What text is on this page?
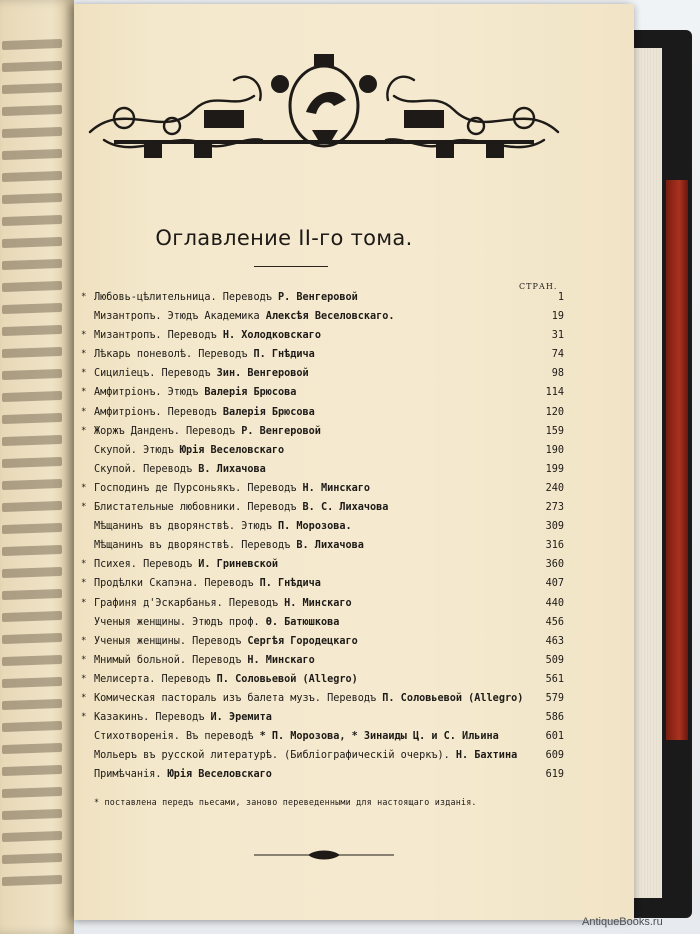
Оглавление II-го тома.
СТРАН.
* Любовь-цѣлительница. Переводъ Р. Венгеровой	1
Мизантропъ. Этюдъ Академика Алексѣя Веселовскаго.	19
* Мизантропъ. Переводъ Н. Холодковскаго	31
* Лѣкарь поневолѣ. Переводъ П. Гнѣдича	74
* Сициліецъ. Переводъ Зин. Венгеровой	98
* Амфитріонъ. Этюдъ Валерія Брюсова	114
* Амфитріонъ. Переводъ Валерія Брюсова	120
* Жоржъ Данденъ. Переводъ Р. Венгеровой	159
Скупой. Этюдъ Юрія Веселовскаго	190
Скупой. Переводъ В. Лихачова	199
* Господинъ де Пурсоньякъ. Переводъ Н. Минскаго	240
* Блистательные любовники. Переводъ В. С. Лихачова	273
Мѣщанинъ въ дворянствѣ. Этюдъ П. Морозова.	309
Мѣщанинъ въ дворянствѣ. Переводъ В. Лихачова	316
* Психея. Переводъ И. Гриневской	360
* Продѣлки Скапэна. Переводъ П. Гнѣдича	407
* Графиня д'Эскарбанья. Переводъ Н. Минскаго	440
Ученыя женщины. Этюдъ проф. Ѳ. Батюшкова	456
* Ученыя женщины. Переводъ Сергѣя Городецкаго	463
* Мнимый больной. Переводъ Н. Минскаго	509
* Мелисерта. Переводъ П. Соловьевой (Allegro)	561
* Комическая пастораль изъ балета музъ. Переводъ П. Соловьевой (Allegro) 579
* Казакинъ. Переводъ И. Эремита	586
Стихотворенія. Въ переводѣ * П. Морозова, * Зинаиды Ц. и С. Ильина	601
Мольеръ въ русской литературѣ. (Библіографическій очеркъ). Н. Бахтина	609
Примѣчанія. Юрія Веселовскаго	619
* поставлена передъ пьесами, заново переведенными для настоящаго изданія.
AntiqueBooks.ru
